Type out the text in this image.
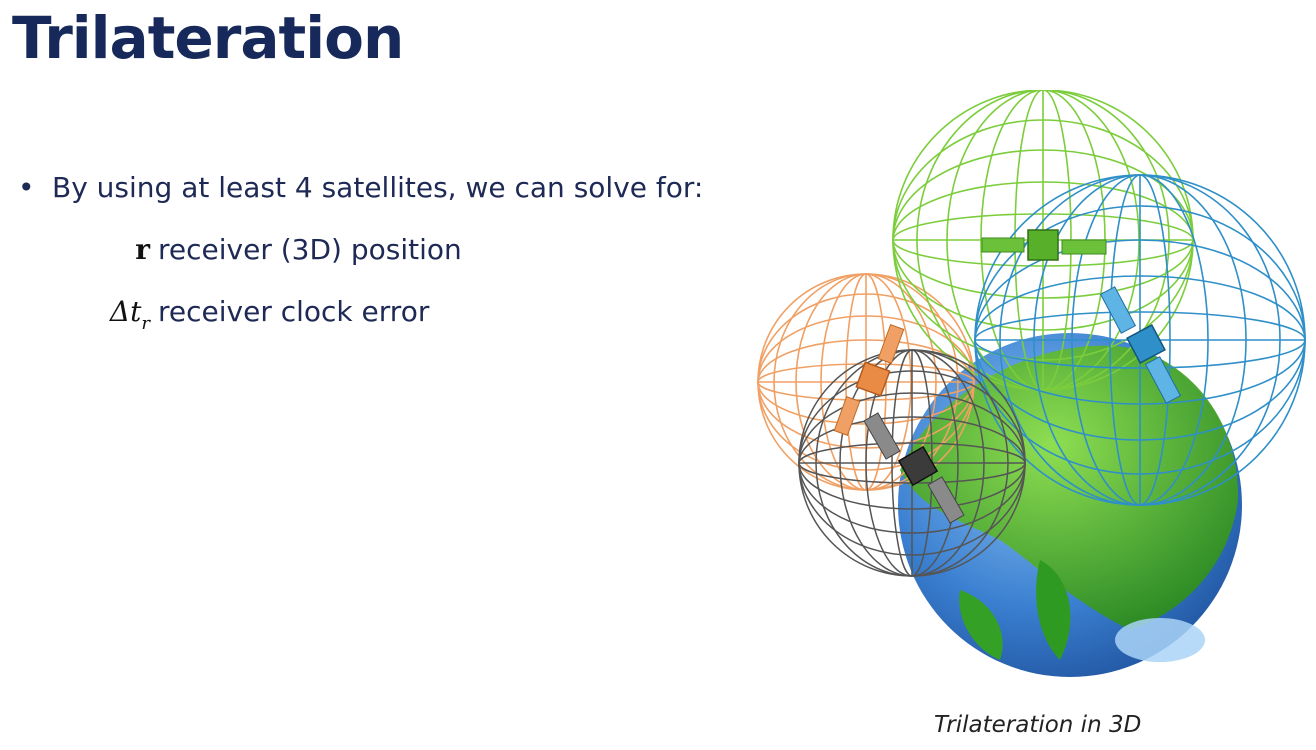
Trilateration
• By using at least 4 satellites, we can solve for:
r receiver (3D) position
$\Delta t_r$ receiver clock error
Trilateration in 3D
